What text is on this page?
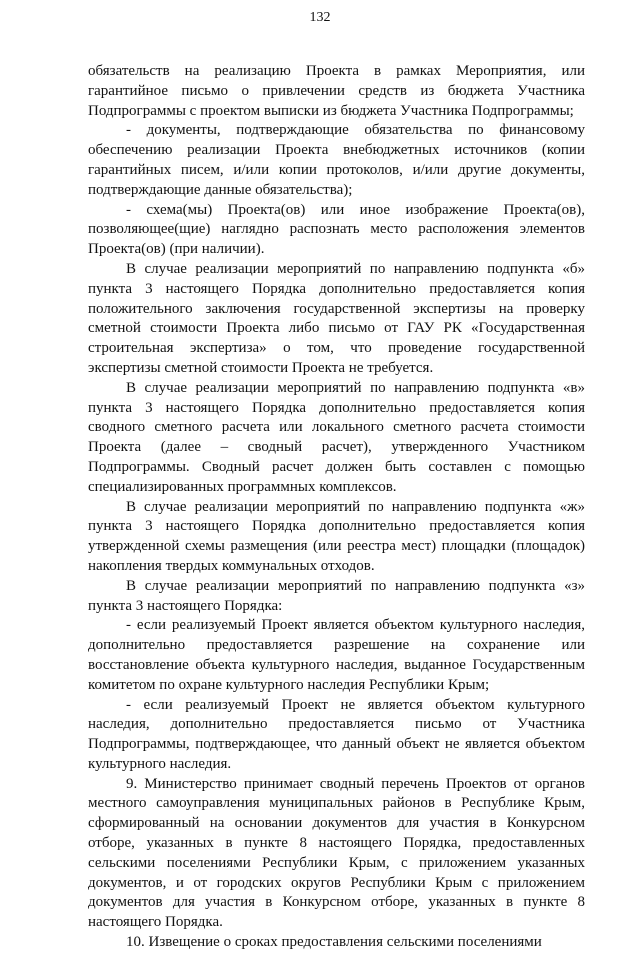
132

обязательств на реализацию Проекта в рамках Мероприятия, или гарантийное письмо о привлечении средств из бюджета Участника Подпрограммы с проектом выписки из бюджета Участника Подпрограммы;

- документы, подтверждающие обязательства по финансовому обеспечению реализации Проекта внебюджетных источников (копии гарантийных писем, и/или копии протоколов, и/или другие документы, подтверждающие данные обязательства);

- схема(мы) Проекта(ов) или иное изображение Проекта(ов), позволяющее(щие) наглядно распознать место расположения элементов Проекта(ов) (при наличии).

В случае реализации мероприятий по направлению подпункта «б» пункта 3 настоящего Порядка дополнительно предоставляется копия положительного заключения государственной экспертизы на проверку сметной стоимости Проекта либо письмо от ГАУ РК «Государственная строительная экспертиза» о том, что проведение государственной экспертизы сметной стоимости Проекта не требуется.

В случае реализации мероприятий по направлению подпункта «в» пункта 3 настоящего Порядка дополнительно предоставляется копия сводного сметного расчета или локального сметного расчета стоимости Проекта (далее – сводный расчет), утвержденного Участником Подпрограммы. Сводный расчет должен быть составлен с помощью специализированных программных комплексов.

В случае реализации мероприятий по направлению подпункта «ж» пункта 3 настоящего Порядка дополнительно предоставляется копия утвержденной схемы размещения (или реестра мест) площадки (площадок) накопления твердых коммунальных отходов.

В случае реализации мероприятий по направлению подпункта «з» пункта 3 настоящего Порядка:

- если реализуемый Проект является объектом культурного наследия, дополнительно предоставляется разрешение на сохранение или восстановление объекта культурного наследия, выданное Государственным комитетом по охране культурного наследия Республики Крым;

- если реализуемый Проект не является объектом культурного наследия, дополнительно предоставляется письмо от Участника Подпрограммы, подтверждающее, что данный объект не является объектом культурного наследия.

9. Министерство принимает сводный перечень Проектов от органов местного самоуправления муниципальных районов в Республике Крым, сформированный на основании документов для участия в Конкурсном отборе, указанных в пункте 8 настоящего Порядка, предоставленных сельскими поселениями Республики Крым, с приложением указанных документов, и от городских округов Республики Крым с приложением документов для участия в Конкурсном отборе, указанных в пункте 8 настоящего Порядка.

10. Извещение о сроках предоставления сельскими поселениями
